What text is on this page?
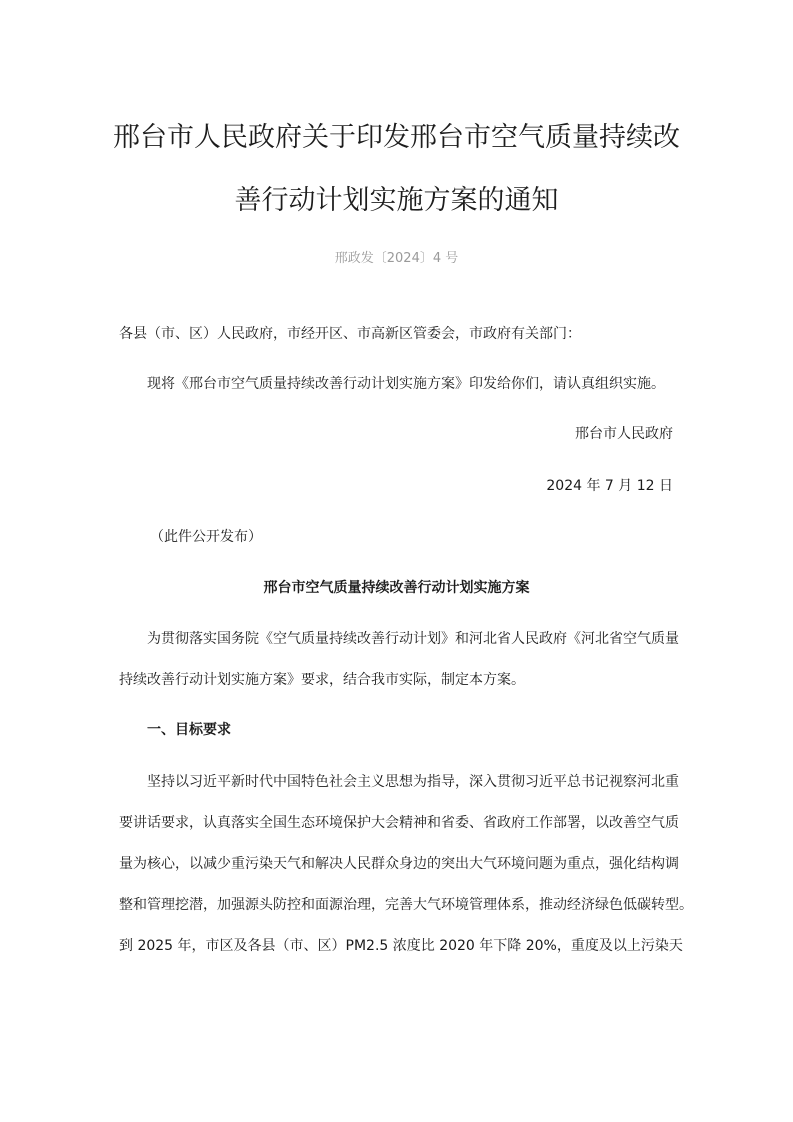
邢台市人民政府关于印发邢台市空气质量持续改
善行动计划实施方案的通知
邢政发〔2024〕4 号
各县（市、区）人民政府，市经开区、市高新区管委会，市政府有关部门：
现将《邢台市空气质量持续改善行动计划实施方案》印发给你们，请认真组织实施。
邢台市人民政府
2024 年 7 月 12 日
（此件公开发布）
邢台市空气质量持续改善行动计划实施方案
为贯彻落实国务院《空气质量持续改善行动计划》和河北省人民政府《河北省空气质量
持续改善行动计划实施方案》要求，结合我市实际，制定本方案。
一、目标要求
坚持以习近平新时代中国特色社会主义思想为指导，深入贯彻习近平总书记视察河北重
要讲话要求，认真落实全国生态环境保护大会精神和省委、省政府工作部署，以改善空气质
量为核心，以减少重污染天气和解决人民群众身边的突出大气环境问题为重点，强化结构调
整和管理挖潜，加强源头防控和面源治理，完善大气环境管理体系，推动经济绿色低碳转型。
到 2025 年，市区及各县（市、区）PM2.5 浓度比 2020 年下降 20%，重度及以上污染天
